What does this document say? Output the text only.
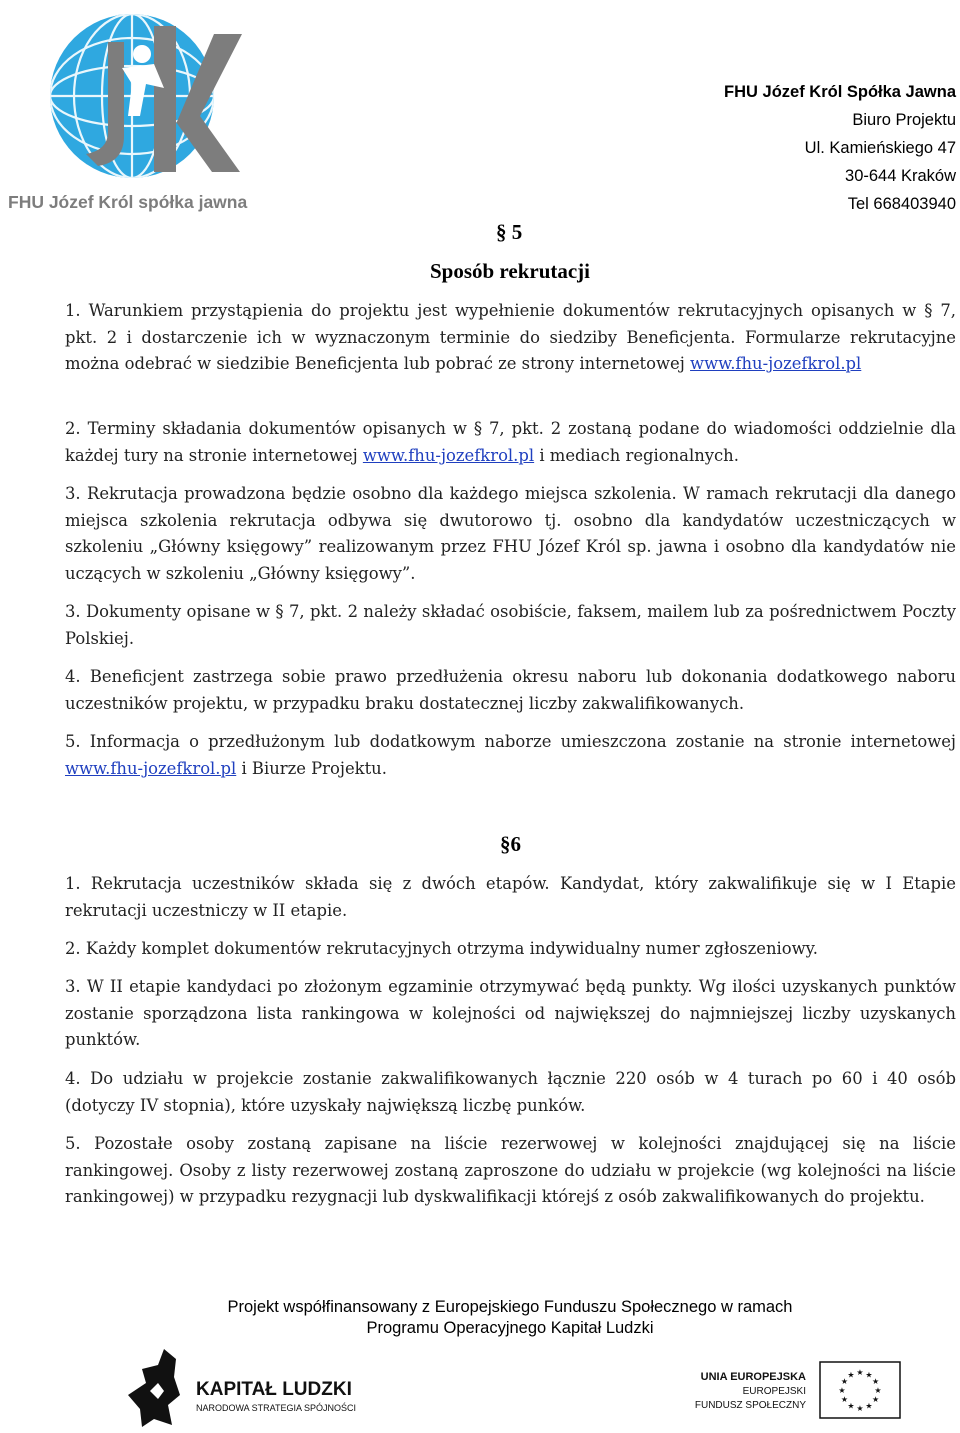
FHU Józef Król spółka jawna
FHU Józef Król Spółka Jawna
Biuro Projektu
Ul. Kamieńskiego 47
30-644 Kraków
Tel 668403940
§ 5
Sposób rekrutacji
1. Warunkiem przystąpienia do projektu jest wypełnienie dokumentów rekrutacyjnych opisanych w § 7, pkt. 2 i dostarczenie ich w wyznaczonym terminie do siedziby Beneficjenta. Formularze rekrutacyjne można odebrać w siedzibie Beneficjenta lub pobrać ze strony internetowej www.fhu-jozefkrol.pl
2. Terminy składania dokumentów opisanych w § 7, pkt. 2 zostaną podane do wiadomości oddzielnie dla każdej tury na stronie internetowej www.fhu-jozefkrol.pl i mediach regionalnych.
3. Rekrutacja prowadzona będzie osobno dla każdego miejsca szkolenia. W ramach rekrutacji dla danego miejsca szkolenia rekrutacja odbywa się dwutorowo tj. osobno dla kandydatów uczestniczących w szkoleniu „Główny księgowy” realizowanym przez FHU Józef Król sp. jawna i osobno dla kandydatów nie uczących w szkoleniu „Główny księgowy”.
3. Dokumenty opisane w § 7, pkt. 2 należy składać osobiście, faksem, mailem lub za pośrednictwem Poczty Polskiej.
4. Beneficjent zastrzega sobie prawo przedłużenia okresu naboru lub dokonania dodatkowego naboru uczestników projektu, w przypadku braku dostatecznej liczby zakwalifikowanych.
5. Informacja o przedłużonym lub dodatkowym naborze umieszczona zostanie na stronie internetowej www.fhu-jozefkrol.pl i Biurze Projektu.
§6
1. Rekrutacja uczestników składa się z dwóch etapów. Kandydat, który zakwalifikuje się w I Etapie rekrutacji uczestniczy w II etapie.
2. Każdy komplet dokumentów rekrutacyjnych otrzyma indywidualny numer zgłoszeniowy.
3. W II etapie kandydaci po złożonym egzaminie otrzymywać będą punkty. Wg ilości uzyskanych punktów zostanie sporządzona lista rankingowa w kolejności od największej do najmniejszej liczby uzyskanych punktów.
4. Do udziału w projekcie zostanie zakwalifikowanych łącznie 220 osób w 4 turach po 60 i 40 osób (dotyczy IV stopnia), które uzyskały największą liczbę punków.
5. Pozostałe osoby zostaną zapisane na liście rezerwowej w kolejności znajdującej się na liście rankingowej. Osoby z listy rezerwowej zostaną zaproszone do udziału w projekcie (wg kolejności na liście rankingowej) w przypadku rezygnacji lub dyskwalifikacji którejś z osób zakwalifikowanych do projektu.
Projekt współfinansowany z Europejskiego Funduszu Społecznego w ramach
Programu Operacyjnego Kapitał Ludzki
KAPITAŁ LUDZKI
NARODOWA STRATEGIA SPÓJNOŚCI
UNIA EUROPEJSKA
EUROPEJSKI
FUNDUSZ SPOŁECZNY
★
★
★
★
★
★
★
★
★ ★ ★
★
